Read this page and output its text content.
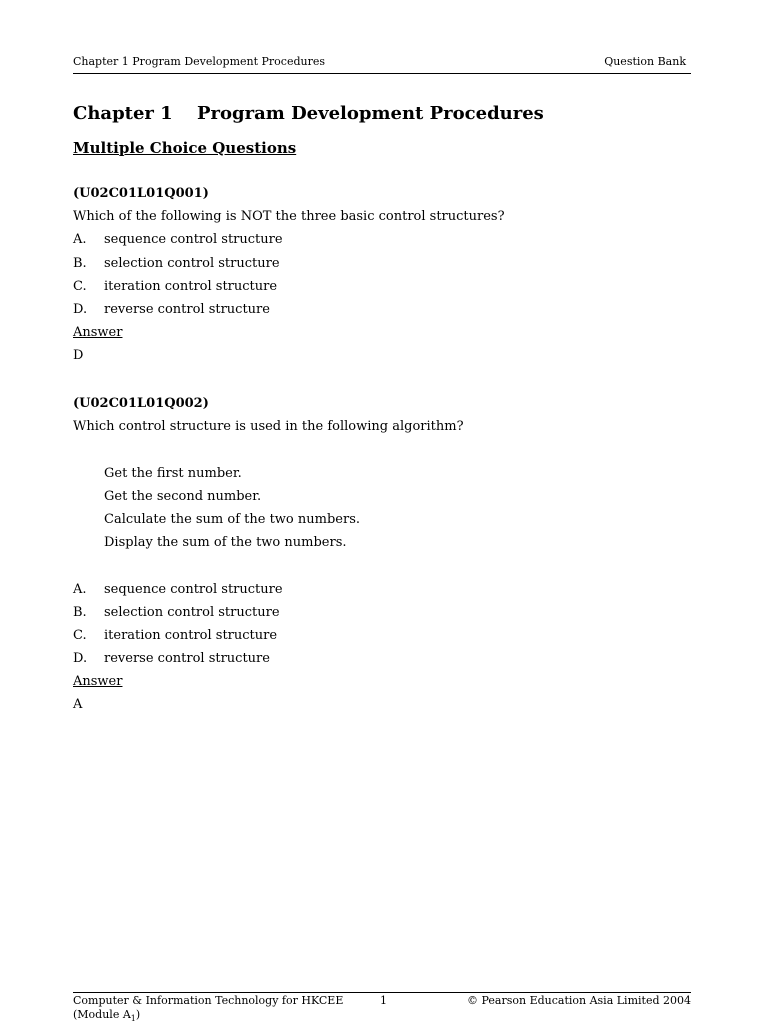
Chapter 1 Program Development Procedures	Question Bank
Chapter 1 Program Development Procedures
Multiple Choice Questions
(U02C01L01Q001)
Which of the following is NOT the three basic control structures?
A. sequence control structure
B. selection control structure
C. iteration control structure
D. reverse control structure
Answer
D
(U02C01L01Q002)
Which control structure is used in the following algorithm?
Get the first number.
Get the second number.
Calculate the sum of the two numbers.
Display the sum of the two numbers.
A. sequence control structure
B. selection control structure
C. iteration control structure
D. reverse control structure
Answer
A
Computer & Information Technology for HKCEE
(Module $A_1$)
1	© Pearson Education Asia Limited 2004
